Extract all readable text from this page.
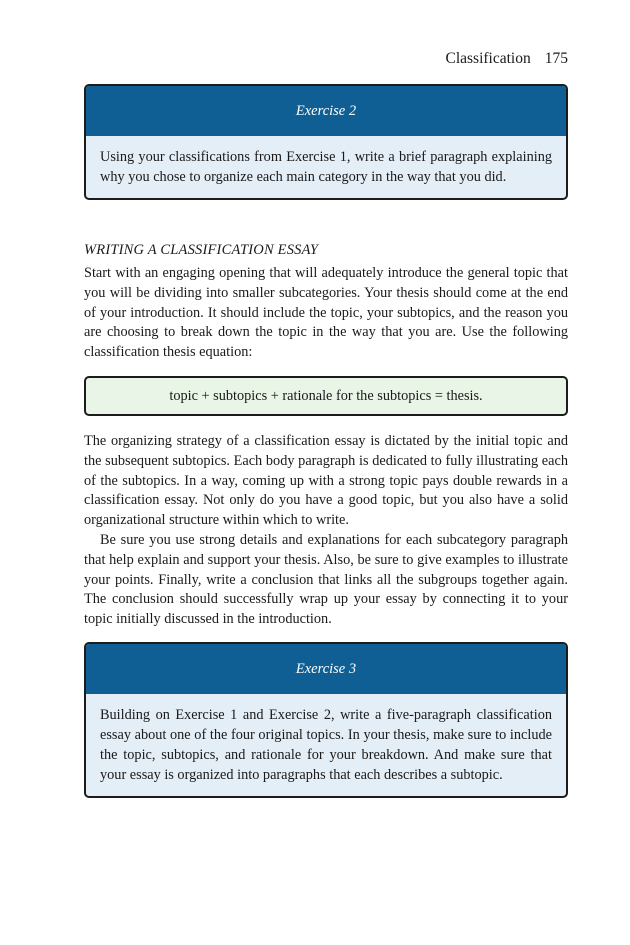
Classification 175
Exercise 2
Using your classifications from Exercise 1, write a brief paragraph explaining why you chose to organize each main category in the way that you did.
WRITING A CLASSIFICATION ESSAY

Start with an engaging opening that will adequately introduce the general topic that you will be dividing into smaller subcategories. Your thesis should come at the end of your introduction. It should include the topic, your subtopics, and the reason you are choosing to break down the topic in the way that you are. Use the following classification thesis equation:

topic + subtopics + rationale for the subtopics = thesis.

The organizing strategy of a classification essay is dictated by the initial topic and the subsequent subtopics. Each body paragraph is dedicated to fully illustrating each of the subtopics. In a way, coming up with a strong topic pays double rewards in a classification essay. Not only do you have a good topic, but you also have a solid organizational structure within which to write.

Be sure you use strong details and explanations for each subcategory paragraph that help explain and support your thesis. Also, be sure to give examples to illustrate your points. Finally, write a conclusion that links all the subgroups together again. The conclusion should successfully wrap up your essay by connecting it to your topic initially discussed in the introduction.

Exercise 3
Building on Exercise 1 and Exercise 2, write a five-paragraph classification essay about one of the four original topics. In your thesis, make sure to include the topic, subtopics, and rationale for your breakdown. And make sure that your essay is organized into paragraphs that each describes a subtopic.
